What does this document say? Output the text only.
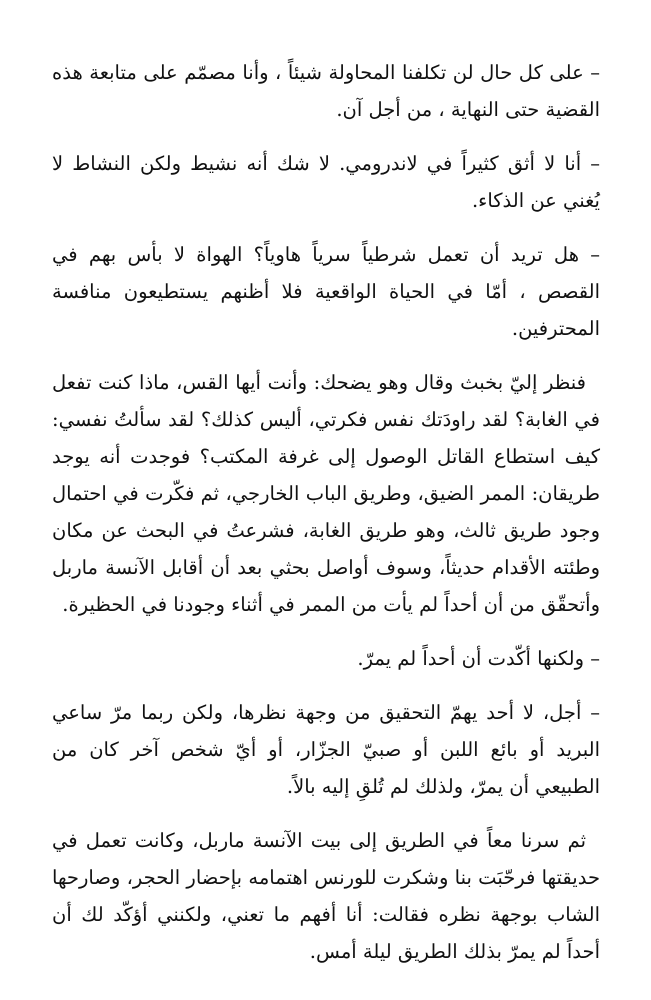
– على كل حال لن تكلفنا المحاولة شيئاً ، وأنا مصمّم على متابعة هذه القضية حتى النهاية ، من أجل آن.

– أنا لا أثق كثيراً في لاندرومي. لا شك أنه نشيط ولكن النشاط لا يُغني عن الذكاء.

– هل تريد أن تعمل شرطياً سرياً هاوياً؟ الهواة لا بأس بهم في القصص ، أمّا في الحياة الواقعية فلا أظنهم يستطيعون منافسة المحترفين.

فنظر إليّ بخبث وقال وهو يضحك: وأنت أيها القس، ماذا كنت تفعل في الغابة؟ لقد راودَتك نفس فكرتي، أليس كذلك؟ لقد سألتُ نفسي: كيف استطاع القاتل الوصول إلى غرفة المكتب؟ فوجدت أنه يوجد طريقان: الممر الضيق، وطريق الباب الخارجي، ثم فكّرت في احتمال وجود طريق ثالث، وهو طريق الغابة، فشرعتُ في البحث عن مكان وطئته الأقدام حديثاً، وسوف أواصل بحثي بعد أن أقابل الآنسة ماربل وأتحقّق من أن أحداً لم يأت من الممر في أثناء وجودنا في الحظيرة.

– ولكنها أكّدت أن أحداً لم يمرّ.

– أجل، لا أحد يهمّ التحقيق من وجهة نظرها، ولكن ربما مرّ ساعي البريد أو بائع اللبن أو صبيّ الجزّار، أو أيّ شخص آخر كان من الطبيعي أن يمرّ، ولذلك لم تُلقِ إليه بالاً.

ثم سرنا معاً في الطريق إلى بيت الآنسة ماربل، وكانت تعمل في حديقتها فرحّبَت بنا وشكرت للورنس اهتمامه بإحضار الحجر، وصارحها الشاب بوجهة نظره فقالت: أنا أفهم ما تعني، ولكنني أؤكّد لك أن أحداً لم يمرّ بذلك الطريق ليلة أمس.
